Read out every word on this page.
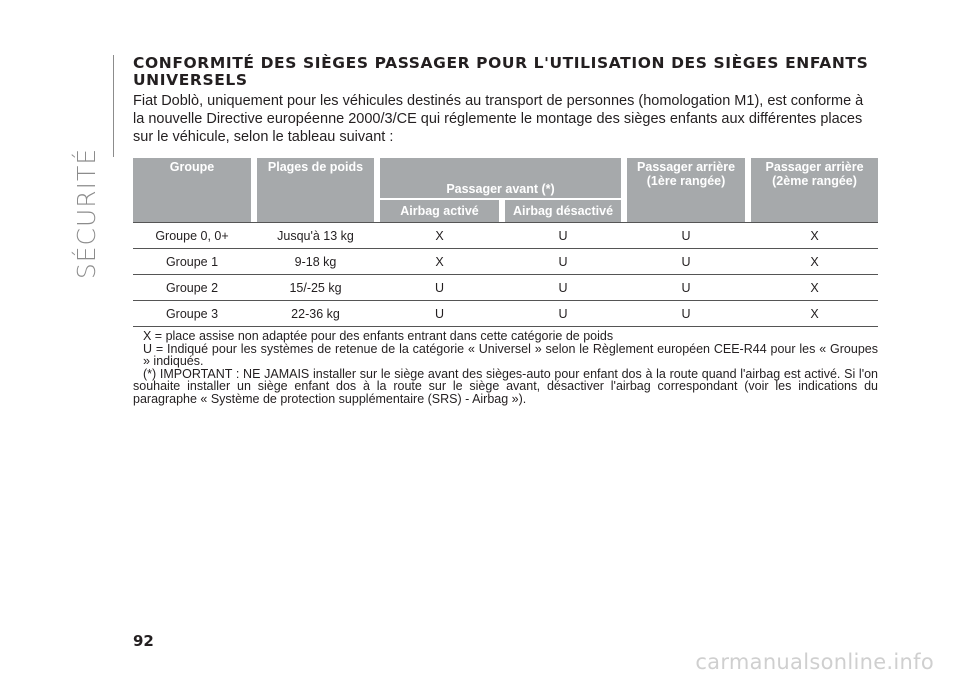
SÉCURITÉ
CONFORMITÉ DES SIÈGES PASSAGER POUR L'UTILISATION DES SIÈGES ENFANTS UNIVERSELS

Fiat Doblò, uniquement pour les véhicules destinés au transport de personnes (homologation M1), est conforme à la nouvelle Directive européenne 2000/3/CE qui réglemente le montage des sièges enfants aux différentes places sur le véhicule, selon le tableau suivant :

Groupe		Plages de poids		Passager avant (*)				Passager arrière (1ère rangée)		Passager arrière (2ème rangée)
				Airbag activé		Airbag désactivé				
Groupe 0, 0+		Jusqu'à 13 kg		X		U		U		X
Groupe 1		9-18 kg		X		U		U		X
Groupe 2		15/-25 kg		U		U		U		X
Groupe 3		22-36 kg		U		U		U		X

X = place assise non adaptée pour des enfants entrant dans cette catégorie de poids

U = Indiqué pour les systèmes de retenue de la catégorie « Universel » selon le Règlement européen CEE-R44 pour les « Groupes » indiqués.

(*) IMPORTANT : NE JAMAIS installer sur le siège avant des sièges-auto pour enfant dos à la route quand l'airbag est activé. Si l'on souhaite installer un siège enfant dos à la route sur le siège avant, désactiver l'airbag correspondant (voir les indications du paragraphe « Système de protection supplémentaire (SRS) - Airbag »).

92
carmanualsonline.info
